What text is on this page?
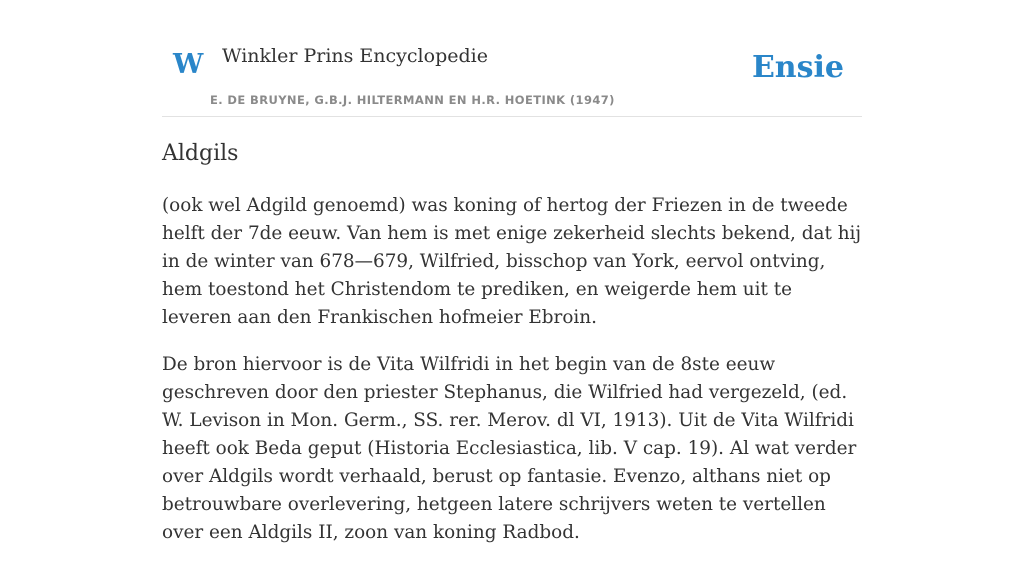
W Winkler Prins Encyclopedie
E. DE BRUYNE, G.B.J. HILTERMANN EN H.R. HOETINK (1947)
Ensie
Aldgils

(ook wel Adgild genoemd) was koning of hertog der Friezen in de tweede helft der 7de eeuw. Van hem is met enige zekerheid slechts bekend, dat hij in de winter van 678—679, Wilfried, bisschop van York, eervol ontving, hem toestond het Christendom te prediken, en weigerde hem uit te leveren aan den Frankischen hofmeier Ebroin.

De bron hiervoor is de Vita Wilfridi in het begin van de 8ste eeuw geschreven door den priester Stephanus, die Wilfried had vergezeld, (ed. W. Levison in Mon. Germ., SS. rer. Merov. dl VI, 1913). Uit de Vita Wilfridi heeft ook Beda geput (Historia Ecclesiastica, lib. V cap. 19). Al wat verder over Aldgils wordt verhaald, berust op fantasie. Evenzo, althans niet op betrouwbare overlevering, hetgeen latere schrijvers weten te vertellen over een Aldgils II, zoon van koning Radbod.
